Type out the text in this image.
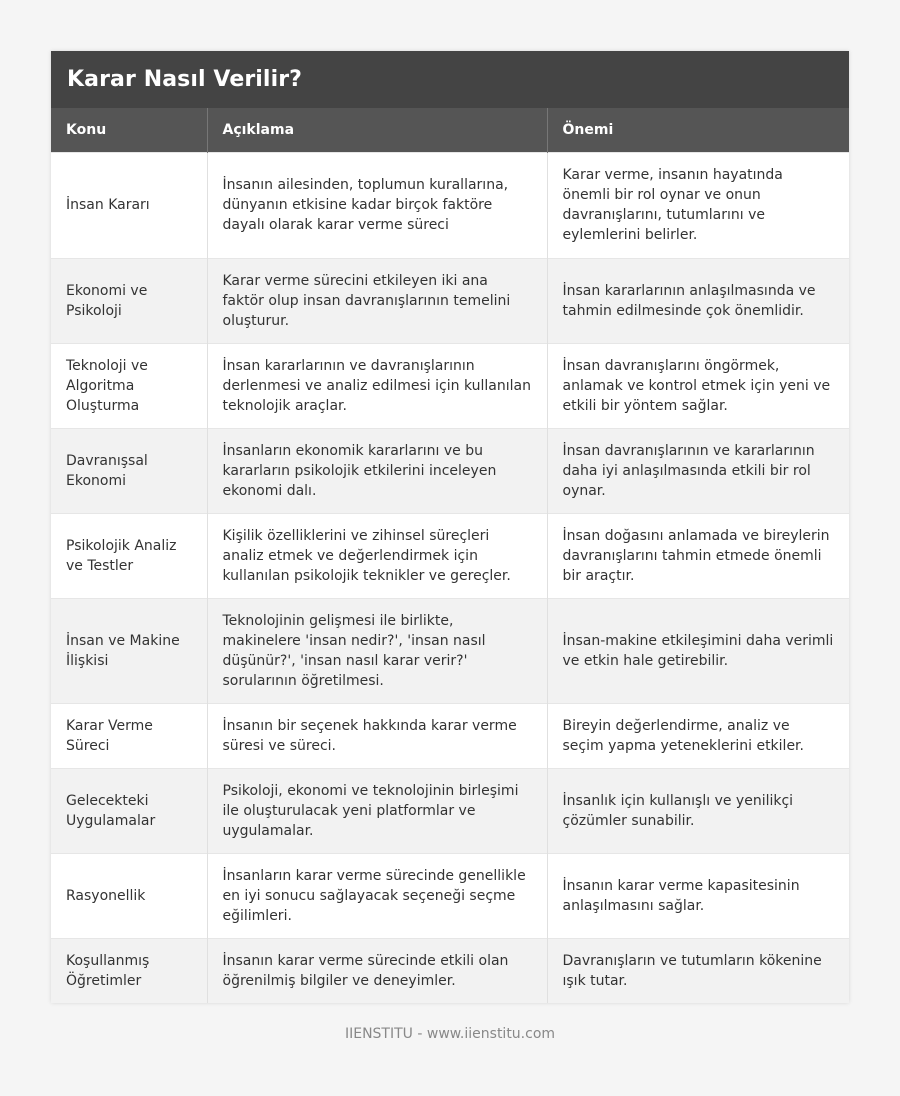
Karar Nasıl Verilir?
Konu	Açıklama	Önemi
İnsan Kararı	İnsanın ailesinden, toplumun kurallarına, dünyanın etkisine kadar birçok faktöre dayalı olarak karar verme süreci	Karar verme, insanın hayatında önemli bir rol oynar ve onun davranışlarını, tutumlarını ve eylemlerini belirler.
Ekonomi ve Psikoloji	Karar verme sürecini etkileyen iki ana faktör olup insan davranışlarının temelini oluşturur.	İnsan kararlarının anlaşılmasında ve tahmin edilmesinde çok önemlidir.
Teknoloji ve Algoritma Oluşturma	İnsan kararlarının ve davranışlarının derlenmesi ve analiz edilmesi için kullanılan teknolojik araçlar.	İnsan davranışlarını öngörmek, anlamak ve kontrol etmek için yeni ve etkili bir yöntem sağlar.
Davranışsal Ekonomi	İnsanların ekonomik kararlarını ve bu kararların psikolojik etkilerini inceleyen ekonomi dalı.	İnsan davranışlarının ve kararlarının daha iyi anlaşılmasında etkili bir rol oynar.
Psikolojik Analiz ve Testler	Kişilik özelliklerini ve zihinsel süreçleri analiz etmek ve değerlendirmek için kullanılan psikolojik teknikler ve gereçler.	İnsan doğasını anlamada ve bireylerin davranışlarını tahmin etmede önemli bir araçtır.
İnsan ve Makine İlişkisi	Teknolojinin gelişmesi ile birlikte, makinelere 'insan nedir?', 'insan nasıl düşünür?', 'insan nasıl karar verir?' sorularının öğretilmesi.	İnsan-makine etkileşimini daha verimli ve etkin hale getirebilir.
Karar Verme Süreci	İnsanın bir seçenek hakkında karar verme süresi ve süreci.	Bireyin değerlendirme, analiz ve seçim yapma yeteneklerini etkiler.
Gelecekteki Uygulamalar	Psikoloji, ekonomi ve teknolojinin birleşimi ile oluşturulacak yeni platformlar ve uygulamalar.	İnsanlık için kullanışlı ve yenilikçi çözümler sunabilir.
Rasyonellik	İnsanların karar verme sürecinde genellikle en iyi sonucu sağlayacak seçeneği seçme eğilimleri.	İnsanın karar verme kapasitesinin anlaşılmasını sağlar.
Koşullanmış Öğretimler	İnsanın karar verme sürecinde etkili olan öğrenilmiş bilgiler ve deneyimler.	Davranışların ve tutumların kökenine ışık tutar.
IIENSTITU - www.iienstitu.com
